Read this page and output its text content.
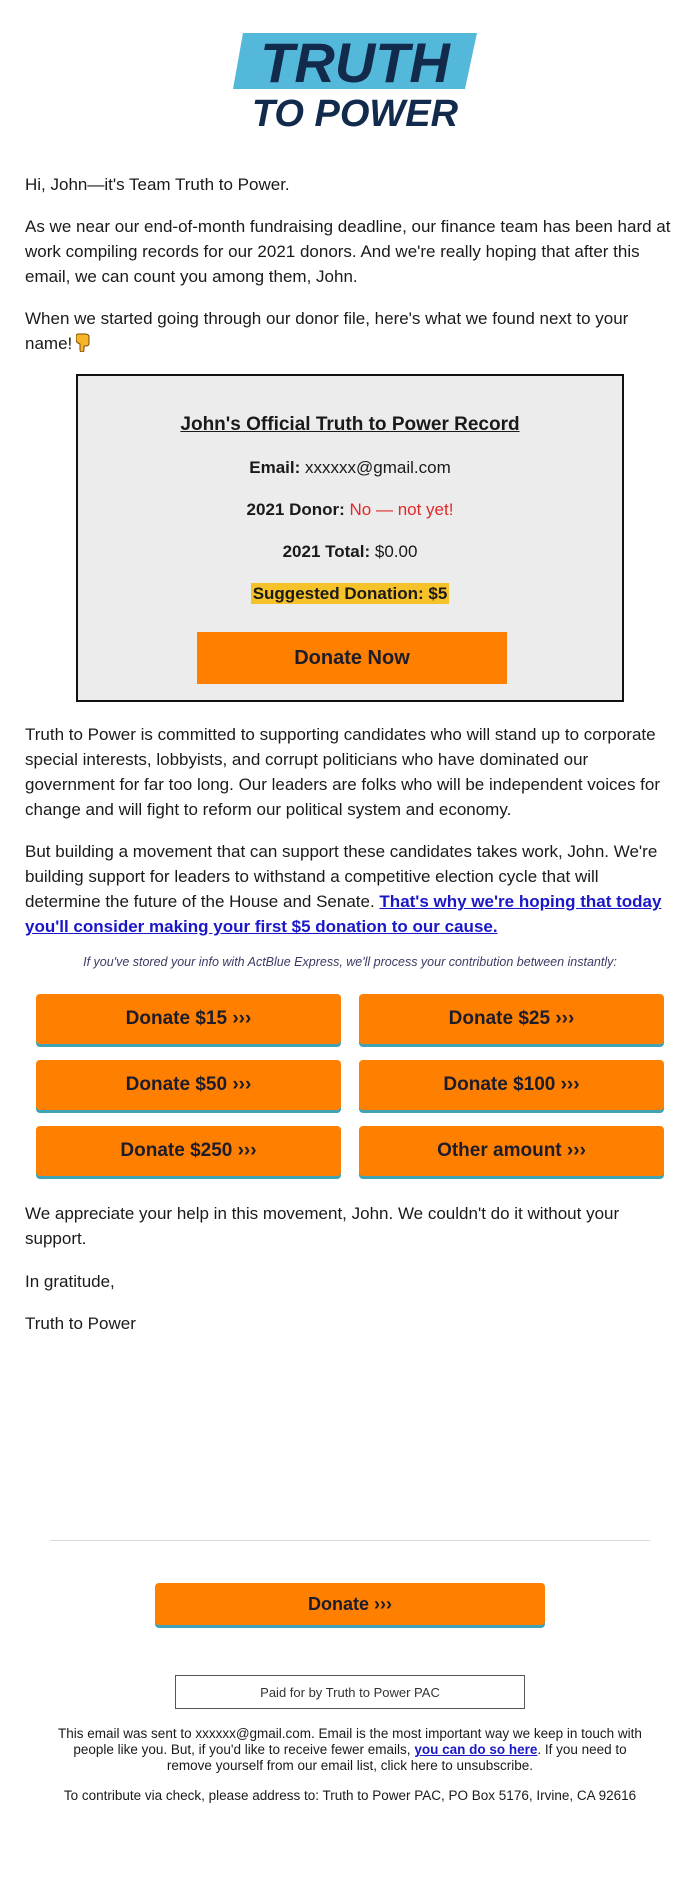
TRUTH
TO POWER

Hi, John—it's Team Truth to Power.

As we near our end-of-month fundraising deadline, our finance team has been hard at work compiling records for our 2021 donors. And we're really hoping that after this email, we can count you among them, John.

When we started going through our donor file, here's what we found next to your name!

John's Official Truth to Power Record
Email: xxxxxx@gmail.com
2021 Donor: No — not yet!
2021 Total: $0.00
Suggested Donation: $5
Donate Now

Truth to Power is committed to supporting candidates who will stand up to corporate special interests, lobbyists, and corrupt politicians who have dominated our government for far too long. Our leaders are folks who will be independent voices for change and will fight to reform our political system and economy.

But building a movement that can support these candidates takes work, John. We're building support for leaders to withstand a competitive election cycle that will determine the future of the House and Senate. That's why we're hoping that today you'll consider making your first $5 donation to our cause.

If you've stored your info with ActBlue Express, we'll process your contribution between instantly:
Donate $15 ›››	Donate $25 ›››
Donate $50 ›››	Donate $100 ›››
Donate $250 ›››	Other amount ›››

We appreciate your help in this movement, John. We couldn't do it without your support.

In gratitude,

Truth to Power

Donate ›››
Paid for by Truth to Power PAC

This email was sent to xxxxxx@gmail.com. Email is the most important way we keep in touch with people like you. But, if you'd like to receive fewer emails, you can do so here. If you need to remove yourself from our email list, click here to unsubscribe.

To contribute via check, please address to: Truth to Power PAC, PO Box 5176, Irvine, CA 92616
